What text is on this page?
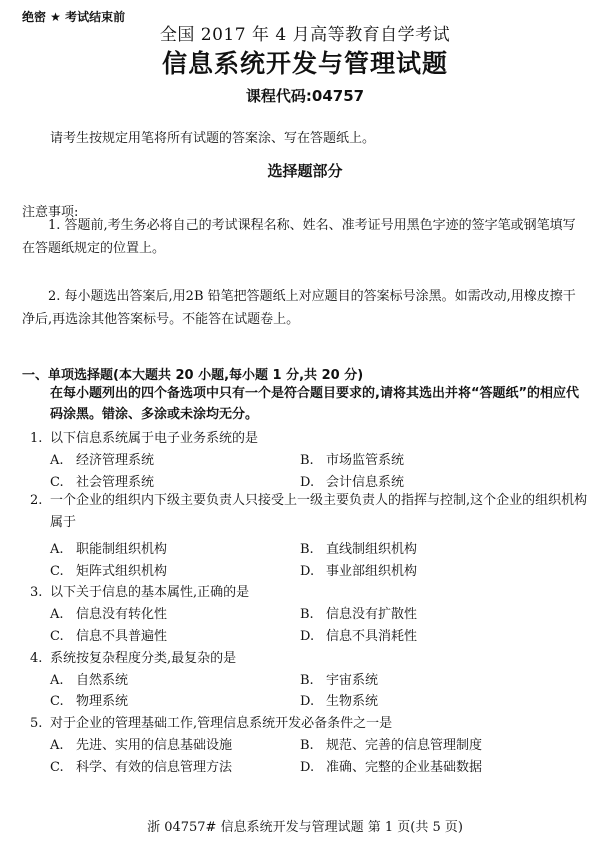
绝密 ★ 考试结束前
全国 2017 年 4 月高等教育自学考试
信息系统开发与管理试题
课程代码:04757
请考生按规定用笔将所有试题的答案涂、写在答题纸上。
选择题部分
注意事项:
1. 答题前,考生务必将自己的考试课程名称、姓名、准考证号用黑色字迹的签字笔或钢笔填写在答题纸规定的位置上。
2. 每小题选出答案后,用2B 铅笔把答题纸上对应题目的答案标号涂黑。如需改动,用橡皮擦干净后,再选涂其他答案标号。不能答在试题卷上。
一、单项选择题(本大题共 20 小题,每小题 1 分,共 20 分)
在每小题列出的四个备选项中只有一个是符合题目要求的,请将其选出并将“答题纸”的相应代码涂黑。错涂、多涂或未涂均无分。
1. 以下信息系统属于电子业务系统的是
A. 经济管理系统	B. 市场监管系统
C. 社会管理系统	D. 会计信息系统
2. 一个企业的组织内下级主要负责人只接受上一级主要负责人的指挥与控制,这个企业的组织机构属于
A. 职能制组织机构	B. 直线制组织机构
C. 矩阵式组织机构	D. 事业部组织机构
3. 以下关于信息的基本属性,正确的是
A. 信息没有转化性	B. 信息没有扩散性
C. 信息不具普遍性	D. 信息不具消耗性
4. 系统按复杂程度分类,最复杂的是
A. 自然系统	B. 宇宙系统
C. 物理系统	D. 生物系统
5. 对于企业的管理基础工作,管理信息系统开发必备条件之一是
A. 先进、实用的信息基础设施	B. 规范、完善的信息管理制度
C. 科学、有效的信息管理方法	D. 准确、完整的企业基础数据
浙 04757# 信息系统开发与管理试题 第 1 页(共 5 页)
